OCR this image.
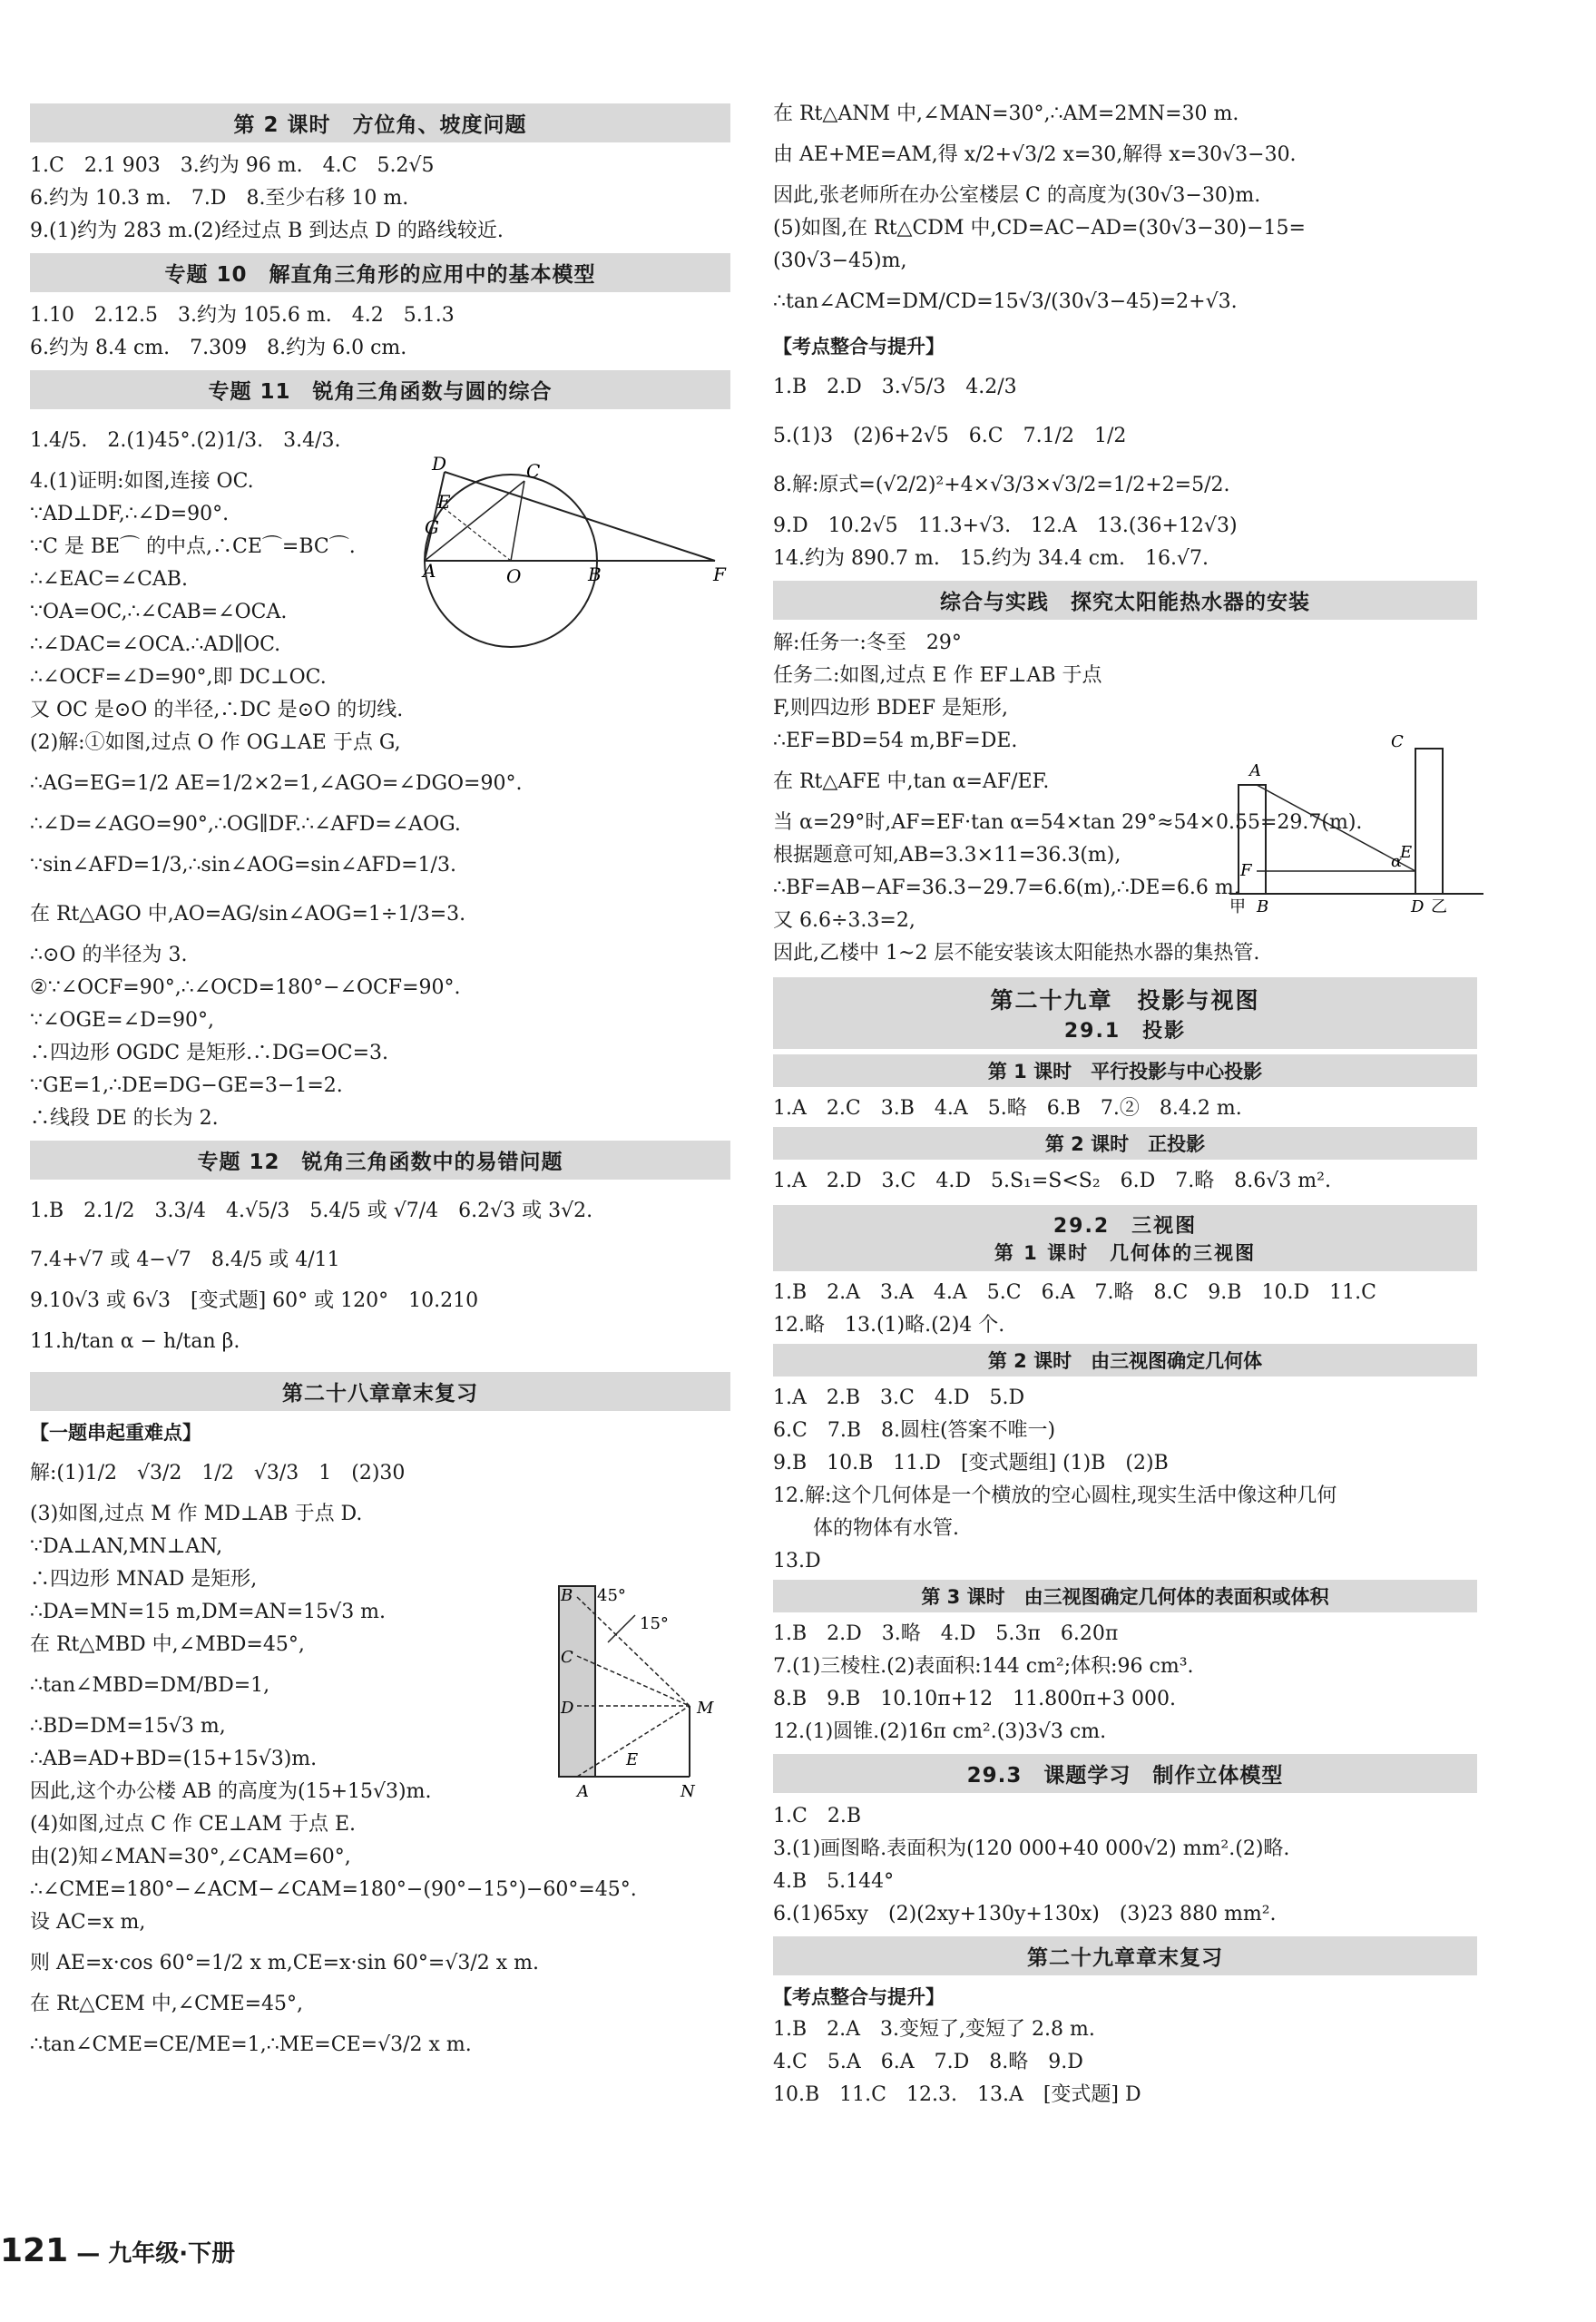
第 2 课时　方位角、坡度问题
1.C　2.1 903　3.约为 96 m.　4.C　5.2√5
6.约为 10.3 m.　7.D　8.至少右移 10 m.
9.(1)约为 283 m.(2)经过点 B 到达点 D 的路线较近.
专题 10　解直角三角形的应用中的基本模型
1.10　2.12.5　3.约为 105.6 m.　4.2　5.1.3
6.约为 8.4 cm.　7.309　8.约为 6.0 cm.
专题 11　锐角三角函数与圆的综合
1.4/5.　2.(1)45°.(2)1/3.　3.4/3.
4.(1)证明:如图,连接 OC.
∵AD⊥DF,∴∠D=90°.
∵C 是 BE⌒ 的中点,∴CE⌒=BC⌒.
∴∠EAC=∠CAB.
∵OA=OC,∴∠CAB=∠OCA.
∴∠DAC=∠OCA.∴AD∥OC.
∴∠OCF=∠D=90°,即 DC⊥OC.
又 OC 是⊙O 的半径,∴DC 是⊙O 的切线.
(2)解:①如图,过点 O 作 OG⊥AE 于点 G,
∴AG=EG=1/2 AE=1/2×2=1,∠AGO=∠DGO=90°.
∴∠D=∠AGO=90°,∴OG∥DF.∴∠AFD=∠AOG.
∵sin∠AFD=1/3,∴sin∠AOG=sin∠AFD=1/3.
在 Rt△AGO 中,AO=AG/sin∠AOG=1÷1/3=3.
∴⊙O 的半径为 3.
②∵∠OCF=90°,∴∠OCD=180°−∠OCF=90°.
∵∠OGE=∠D=90°,
∴四边形 OGDC 是矩形.∴DG=OC=3.
∵GE=1,∴DE=DG−GE=3−1=2.
∴线段 DE 的长为 2.
专题 12　锐角三角函数中的易错问题
1.B　2.1/2　3.3/4　4.√5/3　5.4/5 或 √7/4　6.2√3 或 3√2.
7.4+√7 或 4−√7　8.4/5 或 4/11
9.10√3 或 6√3　[变式题] 60° 或 120°　10.210
11.h/tan α − h/tan β.
第二十八章章末复习
【一题串起重难点】
解:(1)1/2　√3/2　1/2　√3/3　1　(2)30
(3)如图,过点 M 作 MD⊥AB 于点 D.
∵DA⊥AN,MN⊥AN,
∴四边形 MNAD 是矩形,
∴DA=MN=15 m,DM=AN=15√3 m.
在 Rt△MBD 中,∠MBD=45°,
∴tan∠MBD=DM/BD=1,
∴BD=DM=15√3 m,
∴AB=AD+BD=(15+15√3)m.
因此,这个办公楼 AB 的高度为(15+15√3)m.
(4)如图,过点 C 作 CE⊥AM 于点 E.
由(2)知∠MAN=30°,∠CAM=60°,
∴∠CME=180°−∠ACM−∠CAM=180°−(90°−15°)−60°=45°.
设 AC=x m,
则 AE=x·cos 60°=1/2 x m,CE=x·sin 60°=√3/2 x m.
在 Rt△CEM 中,∠CME=45°,
∴tan∠CME=CE/ME=1,∴ME=CE=√3/2 x m.
D	C
E
G
A	O	B	F
B
C
D
45°
15°
M
E
A	N
在 Rt△ANM 中,∠MAN=30°,∴AM=2MN=30 m.
由 AE+ME=AM,得 x/2+√3/2 x=30,解得 x=30√3−30.
因此,张老师所在办公室楼层 C 的高度为(30√3−30)m.
(5)如图,在 Rt△CDM 中,CD=AC−AD=(30√3−30)−15=
(30√3−45)m,
∴tan∠ACM=DM/CD=15√3/(30√3−45)=2+√3.
【考点整合与提升】
1.B　2.D　3.√5/3　4.2/3
5.(1)3　(2)6+2√5　6.C　7.1/2　1/2
8.解:原式=(√2/2)²+4×√3/3×√3/2=1/2+2=5/2.
9.D　10.2√5　11.3+√3.　12.A　13.(36+12√3)
14.约为 890.7 m.　15.约为 34.4 cm.　16.√7.
综合与实践　探究太阳能热水器的安装
解:任务一:冬至　29°
任务二:如图,过点 E 作 EF⊥AB 于点
F,则四边形 BDEF 是矩形,
∴EF=BD=54 m,BF=DE.
在 Rt△AFE 中,tan α=AF/EF.
当 α=29°时,AF=EF·tan α=54×tan 29°≈54×0.55=29.7(m).
根据题意可知,AB=3.3×11=36.3(m),
∴BF=AB−AF=36.3−29.7=6.6(m),∴DE=6.6 m.
又 6.6÷3.3=2,
因此,乙楼中 1~2 层不能安装该太阳能热水器的集热管.
第二十九章　投影与视图
29.1　投影
第 1 课时　平行投影与中心投影
1.A　2.C　3.B　4.A　5.略　6.B　7.②　8.4.2 m.
第 2 课时　正投影
1.A　2.D　3.C　4.D　5.S₁=S<S₂　6.D　7.略　8.6√3 m².
29.2　三视图
第 1 课时　几何体的三视图
1.B　2.A　3.A　4.A　5.C　6.A　7.略　8.C　9.B　10.D　11.C
12.略　13.(1)略.(2)4 个.
第 2 课时　由三视图确定几何体
1.A　2.B　3.C　4.D　5.D
6.C　7.B　8.圆柱(答案不唯一)
9.B　10.B　11.D　[变式题组] (1)B　(2)B
12.解:这个几何体是一个横放的空心圆柱,现实生活中像这种几何
　　体的物体有水管.
13.D
第 3 课时　由三视图确定几何体的表面积或体积
1.B　2.D　3.略　4.D　5.3π　6.20π
7.(1)三棱柱.(2)表面积:144 cm²;体积:96 cm³.
8.B　9.B　10.10π+12　11.800π+3 000.
12.(1)圆锥.(2)16π cm².(3)3√3 cm.
29.3　课题学习　制作立体模型
1.C　2.B
3.(1)画图略.表面积为(120 000+40 000√2) mm².(2)略.
4.B　5.144°
6.(1)65xy　(2)(2xy+130y+130x)　(3)23 880 mm².
第二十九章章末复习
【考点整合与提升】
1.B　2.A　3.变短了,变短了 2.8 m.
4.C　5.A　6.A　7.D　8.略　9.D
10.B　11.C　12.3.　13.A　[变式题] D
A
F	α
E
C
甲 B	D 乙
121 — 九年级·下册
